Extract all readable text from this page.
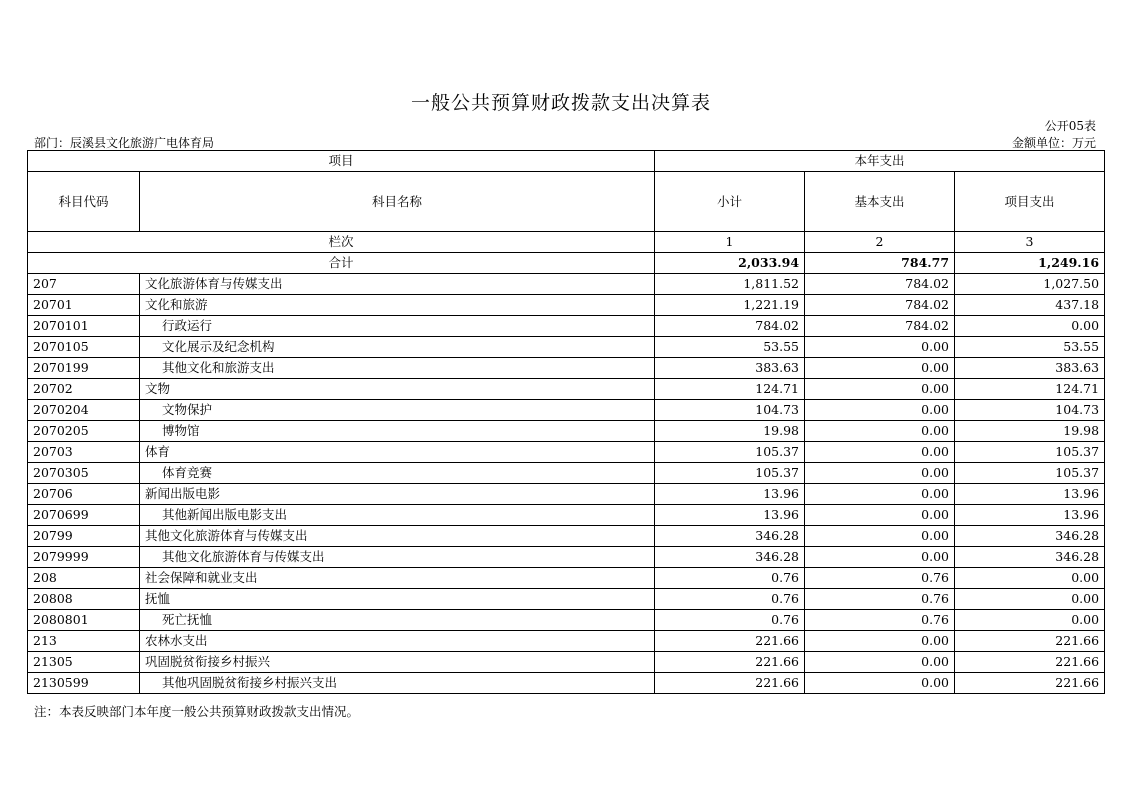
一般公共预算财政拨款支出决算表
公开05表
部门：辰溪县文化旅游广电体育局	金额单位：万元
项目		本年支出		
科目代码	科目名称	小计	基本支出	项目支出
栏次		1	2	3
合计		2,033.94	784.77	1,249.16
207	文化旅游体育与传媒支出	1,811.52	784.02	1,027.50
20701	文化和旅游	1,221.19	784.02	437.18
2070101	行政运行	784.02	784.02	0.00
2070105	文化展示及纪念机构	53.55	0.00	53.55
2070199	其他文化和旅游支出	383.63	0.00	383.63
20702	文物	124.71	0.00	124.71
2070204	文物保护	104.73	0.00	104.73
2070205	博物馆	19.98	0.00	19.98
20703	体育	105.37	0.00	105.37
2070305	体育竞赛	105.37	0.00	105.37
20706	新闻出版电影	13.96	0.00	13.96
2070699	其他新闻出版电影支出	13.96	0.00	13.96
20799	其他文化旅游体育与传媒支出	346.28	0.00	346.28
2079999	其他文化旅游体育与传媒支出	346.28	0.00	346.28
208	社会保障和就业支出	0.76	0.76	0.00
20808	抚恤	0.76	0.76	0.00
2080801	死亡抚恤	0.76	0.76	0.00
213	农林水支出	221.66	0.00	221.66
21305	巩固脱贫衔接乡村振兴	221.66	0.00	221.66
2130599	其他巩固脱贫衔接乡村振兴支出	221.66	0.00	221.66
注：本表反映部门本年度一般公共预算财政拨款支出情况。
